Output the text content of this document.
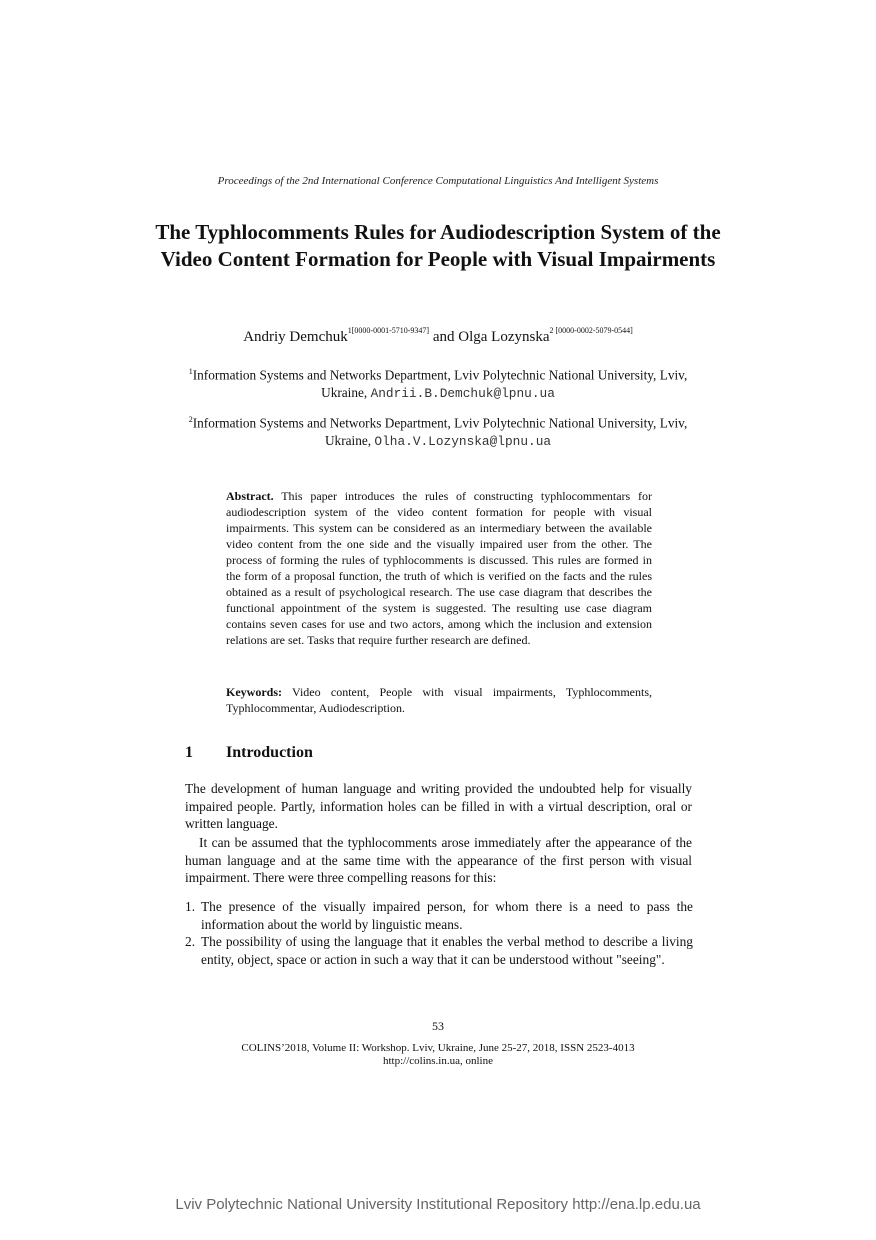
Proceedings of the 2nd International Conference Computational Linguistics And Intelligent Systems
The Typhlocomments Rules for Audiodescription System of the Video Content Formation for People with Visual Impairments
Andriy Demchuk$^{1[0000-0001-5710-9347]}$ and Olga Lozynska$^{2 [0000-0002-5079-0544]}$
$^1$Information Systems and Networks Department, Lviv Polytechnic National University, Lviv, Ukraine, Andrii.B.Demchuk@lpnu.ua
$^2$Information Systems and Networks Department, Lviv Polytechnic National University, Lviv, Ukraine, Olha.V.Lozynska@lpnu.ua
Abstract. This paper introduces the rules of constructing typhlocommentars for audiodescription system of the video content formation for people with visual impairments. This system can be considered as an intermediary between the available video content from the one side and the visually impaired user from the other. The process of forming the rules of typhlocomments is discussed. This rules are formed in the form of a proposal function, the truth of which is verified on the facts and the rules obtained as a result of psychological research. The use case diagram that describes the functional appointment of the system is suggested. The resulting use case diagram contains seven cases for use and two actors, among which the inclusion and extension relations are set. Tasks that require further research are defined.
Keywords: Video content, People with visual impairments, Typhlocomments, Typhlocommentar, Audiodescription.
1 Introduction
The development of human language and writing provided the undoubted help for visually impaired people. Partly, information holes can be filled in with a virtual description, oral or written language.
It can be assumed that the typhlocomments arose immediately after the appearance of the human language and at the same time with the appearance of the first person with visual impairment. There were three compelling reasons for this:
1. The presence of the visually impaired person, for whom there is a need to pass the information about the world by linguistic means.
2. The possibility of using the language that it enables the verbal method to describe a living entity, object, space or action in such a way that it can be understood without "seeing".
53
COLINS’2018, Volume II: Workshop. Lviv, Ukraine, June 25-27, 2018, ISSN 2523-4013
http://colins.in.ua, online
Lviv Polytechnic National University Institutional Repository http://ena.lp.edu.ua
